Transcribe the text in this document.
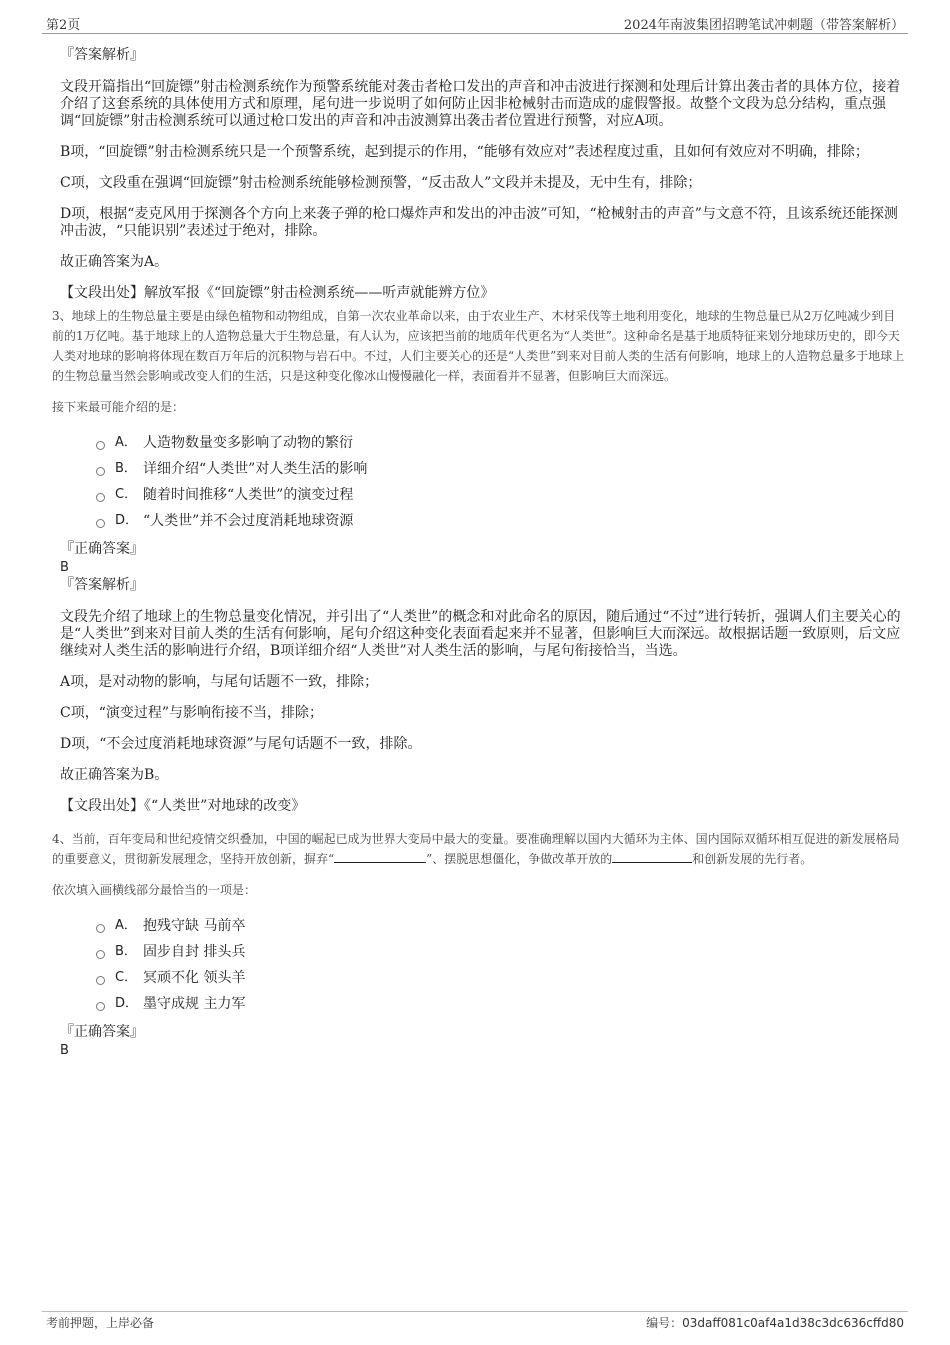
第2页	2024年南波集团招聘笔试冲刺题（带答案解析）

『答案解析』

文段开篇指出“回旋镖”射击检测系统作为预警系统能对袭击者枪口发出的声音和冲击波进行探测和处理后计算出袭击者的具体方位，接着介绍了这套系统的具体使用方式和原理，尾句进一步说明了如何防止因非枪械射击而造成的虚假警报。故整个文段为总分结构，重点强调“回旋镖”射击检测系统可以通过枪口发出的声音和冲击波测算出袭击者位置进行预警，对应A项。

B项，“回旋镖”射击检测系统只是一个预警系统，起到提示的作用，“能够有效应对”表述程度过重，且如何有效应对不明确，排除；

C项，文段重在强调“回旋镖”射击检测系统能够检测预警，“反击敌人”文段并未提及，无中生有，排除；

D项，根据“麦克风用于探测各个方向上来袭子弹的枪口爆炸声和发出的冲击波”可知，“枪械射击的声音”与文意不符，且该系统还能探测冲击波，“只能识别”表述过于绝对，排除。

故正确答案为A。

【文段出处】解放军报《“回旋镖”射击检测系统——听声就能辨方位》

3、地球上的生物总量主要是由绿色植物和动物组成，自第一次农业革命以来，由于农业生产、木材采伐等土地利用变化，地球的生物总量已从2万亿吨减少到目前的1万亿吨。基于地球上的人造物总量大于生物总量，有人认为，应该把当前的地质年代更名为“人类世”。这种命名是基于地质特征来划分地球历史的，即今天人类对地球的影响将体现在数百万年后的沉积物与岩石中。不过，人们主要关心的还是“人类世”到来对目前人类的生活有何影响，地球上的人造物总量多于地球上的生物总量当然会影响或改变人们的生活，只是这种变化像冰山慢慢融化一样，表面看并不显著，但影响巨大而深远。

接下来最可能介绍的是：

A． 人造物数量变多影响了动物的繁衍
B． 详细介绍“人类世”对人类生活的影响
C． 随着时间推移“人类世”的演变过程
D． “人类世”并不会过度消耗地球资源

『正确答案』

B

『答案解析』

文段先介绍了地球上的生物总量变化情况，并引出了“人类世”的概念和对此命名的原因，随后通过“不过”进行转折，强调人们主要关心的是“人类世”到来对目前人类的生活有何影响，尾句介绍这种变化表面看起来并不显著，但影响巨大而深远。故根据话题一致原则，后文应继续对人类生活的影响进行介绍，B项详细介绍“人类世”对人类生活的影响，与尾句衔接恰当，当选。

A项，是对动物的影响，与尾句话题不一致，排除；

C项，“演变过程”与影响衔接不当，排除；

D项，“不会过度消耗地球资源”与尾句话题不一致，排除。

故正确答案为B。

【文段出处】《“人类世”对地球的改变》

4、当前，百年变局和世纪疫情交织叠加，中国的崛起已成为世界大变局中最大的变量。要准确理解以国内大循环为主体、国内国际双循环相互促进的新发展格局的重要意义，贯彻新发展理念，坚持开放创新，摒弃“	”、摆脱思想僵化，争做改革开放的	和创新发展的先行者。

依次填入画横线部分最恰当的一项是：

A． 抱残守缺 马前卒
B． 固步自封 排头兵
C． 冥顽不化 领头羊
D． 墨守成规 主力军

『正确答案』

B

考前押题，上岸必备	编号：03daff081c0af4a1d38c3dc636cffd80
